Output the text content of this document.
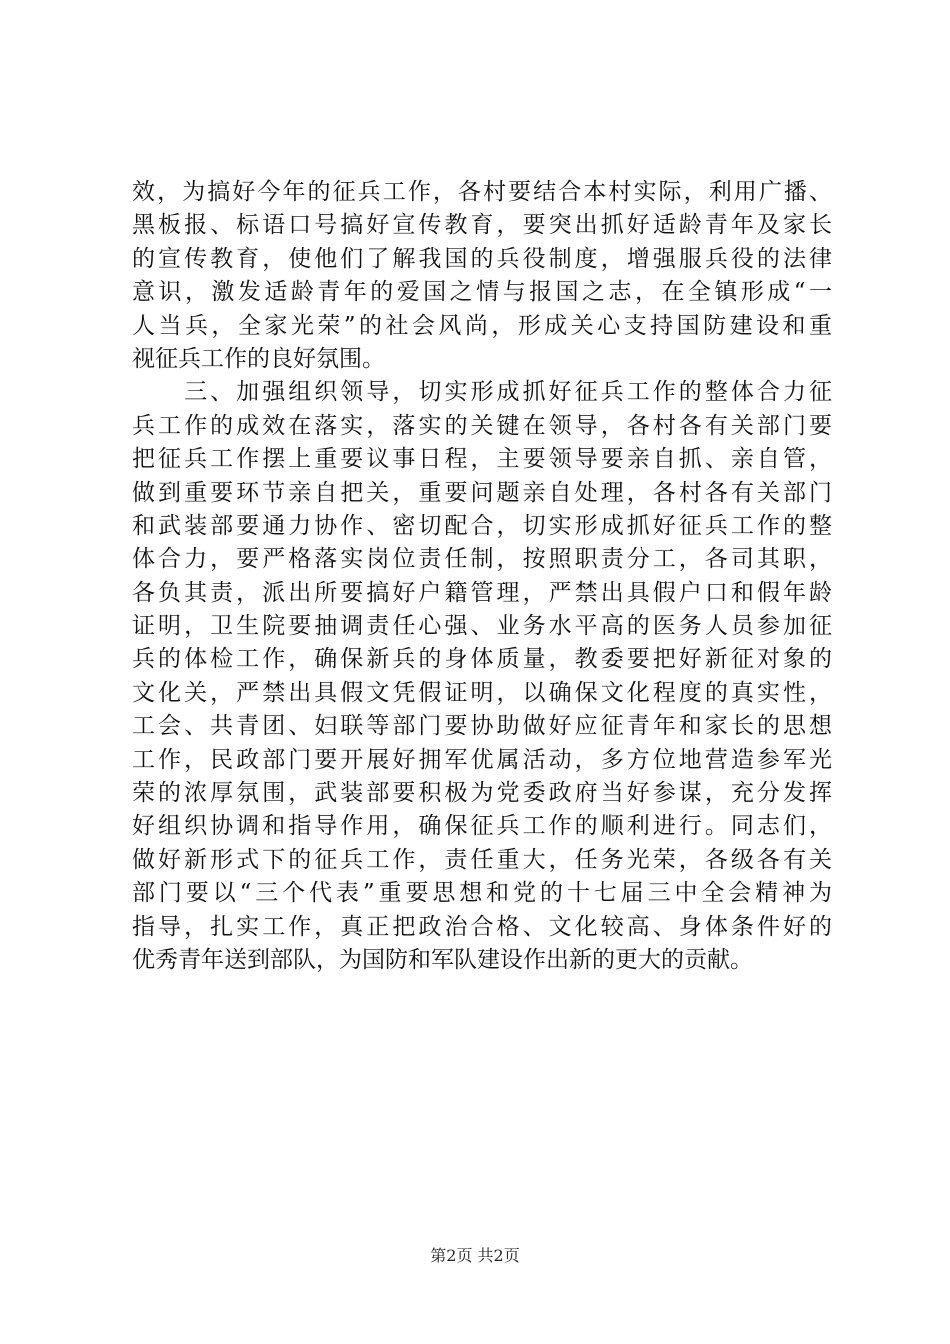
效，为搞好今年的征兵工作，各村要结合本村实际，利用广播、
黑板报、标语口号搞好宣传教育，要突出抓好适龄青年及家长
的宣传教育，使他们了解我国的兵役制度，增强服兵役的法律
意识，激发适龄青年的爱国之情与报国之志，在全镇形成“一
人当兵，全家光荣”的社会风尚，形成关心支持国防建设和重
视征兵工作的良好氛围。
　　三、加强组织领导，切实形成抓好征兵工作的整体合力征
兵工作的成效在落实，落实的关键在领导，各村各有关部门要
把征兵工作摆上重要议事日程，主要领导要亲自抓、亲自管，
做到重要环节亲自把关，重要问题亲自处理，各村各有关部门
和武装部要通力协作、密切配合，切实形成抓好征兵工作的整
体合力，要严格落实岗位责任制，按照职责分工，各司其职，
各负其责，派出所要搞好户籍管理，严禁出具假户口和假年龄
证明，卫生院要抽调责任心强、业务水平高的医务人员参加征
兵的体检工作，确保新兵的身体质量，教委要把好新征对象的
文化关，严禁出具假文凭假证明，以确保文化程度的真实性，
工会、共青团、妇联等部门要协助做好应征青年和家长的思想
工作，民政部门要开展好拥军优属活动，多方位地营造参军光
荣的浓厚氛围，武装部要积极为党委政府当好参谋，充分发挥
好组织协调和指导作用，确保征兵工作的顺利进行。同志们，
做好新形式下的征兵工作，责任重大，任务光荣，各级各有关
部门要以“三个代表”重要思想和党的十七届三中全会精神为
指导，扎实工作，真正把政治合格、文化较高、身体条件好的
优秀青年送到部队，为国防和军队建设作出新的更大的贡献。
第2页 共2页
